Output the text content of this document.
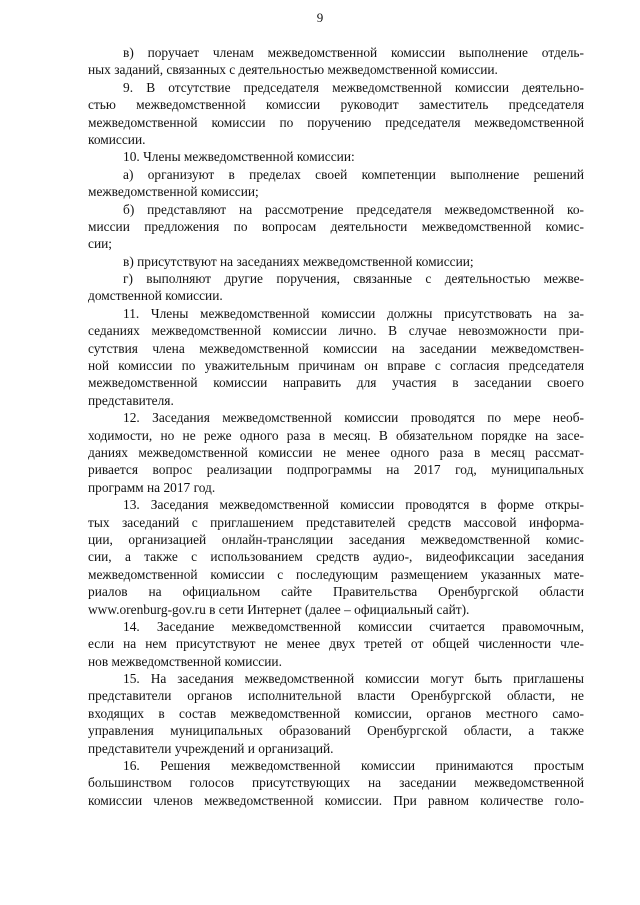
9
в) поручает членам межведомственной комиссии выполнение отдель-
ных заданий, связанных с деятельностью межведомственной комиссии.
9. В отсутствие председателя межведомственной комиссии деятельно-
стью межведомственной комиссии руководит заместитель председателя
межведомственной комиссии по поручению председателя межведомственной
комиссии.
10. Члены межведомственной комиссии:
а) организуют в пределах своей компетенции выполнение решений
межведомственной комиссии;
б) представляют на рассмотрение председателя межведомственной ко-
миссии предложения по вопросам деятельности межведомственной комис-
сии;
в) присутствуют на заседаниях межведомственной комиссии;
г) выполняют другие поручения, связанные с деятельностью межве-
домственной комиссии.
11. Члены межведомственной комиссии должны присутствовать на за-
седаниях межведомственной комиссии лично. В случае невозможности при-
сутствия члена межведомственной комиссии на заседании межведомствен-
ной комиссии по уважительным причинам он вправе с согласия председателя
межведомственной комиссии направить для участия в заседании своего
представителя.
12. Заседания межведомственной комиссии проводятся по мере необ-
ходимости, но не реже одного раза в месяц. В обязательном порядке на засе-
даниях межведомственной комиссии не менее одного раза в месяц рассмат-
ривается вопрос реализации подпрограммы на 2017 год, муниципальных
программ на 2017 год.
13. Заседания межведомственной комиссии проводятся в форме откры-
тых заседаний с приглашением представителей средств массовой информа-
ции, организацией онлайн-трансляции заседания межведомственной комис-
сии, а также с использованием средств аудио-, видеофиксации заседания
межведомственной комиссии с последующим размещением указанных мате-
риалов на официальном сайте Правительства Оренбургской области
www.orenburg-gov.ru в сети Интернет (далее – официальный сайт).
14. Заседание межведомственной комиссии считается правомочным,
если на нем присутствуют не менее двух третей от общей численности чле-
нов межведомственной комиссии.
15. На заседания межведомственной комиссии могут быть приглашены
представители органов исполнительной власти Оренбургской области, не
входящих в состав межведомственной комиссии, органов местного само-
управления муниципальных образований Оренбургской области, а также
представители учреждений и организаций.
16. Решения межведомственной комиссии принимаются простым
большинством голосов присутствующих на заседании межведомственной
комиссии членов межведомственной комиссии. При равном количестве голо-
